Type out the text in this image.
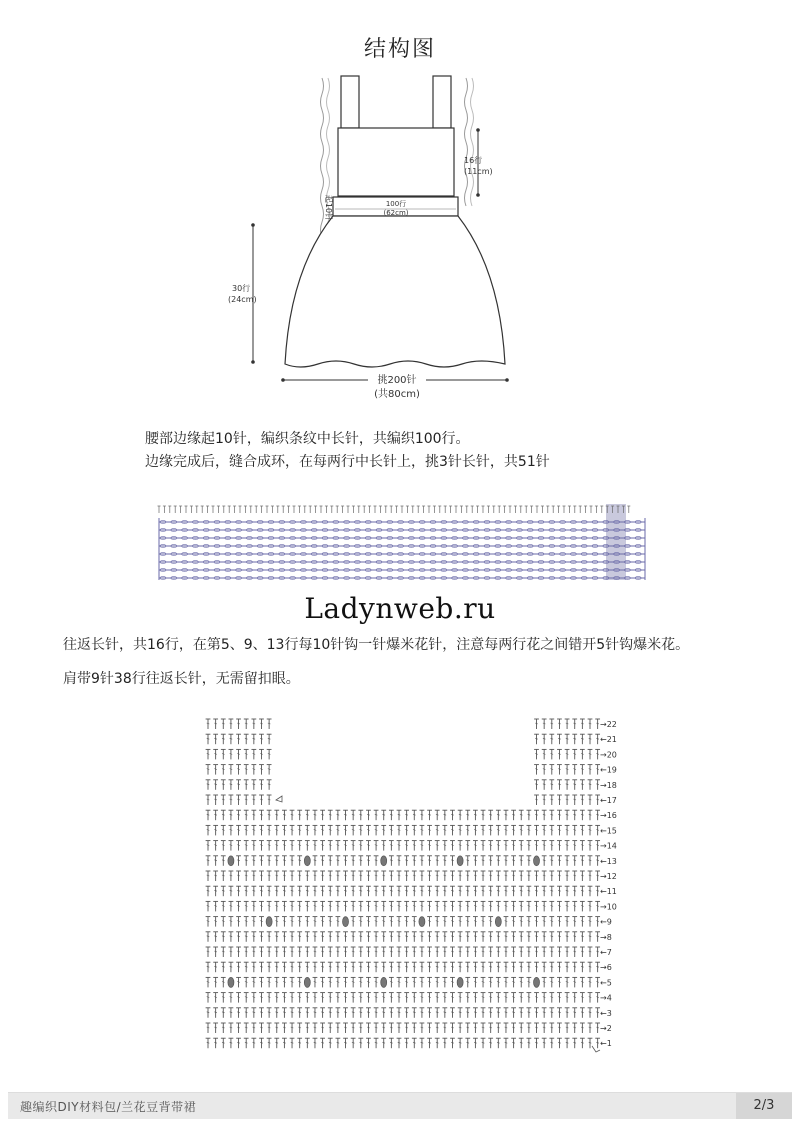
结构图
16行
(11cm)
起10针	100行
(62cm)
30行
(24cm)
挑200针
(共80cm)
腰部边缘起10针，编织条纹中长针，共编织100行。
边缘完成后，缝合成环，在每两行中长针上，挑3针长针，共51针
Ladynweb.ru
往返长针，共16行，在第5、9、13行每10针钩一针爆米花针，注意每两行花之间错开5针钩爆米花。
肩带9针38行往返长针，无需留扣眼。
→22
←21
→20
←19
→18
←17
→16
←15
→14
←13
→12
←11
→10
←9
→8
←7
→6
←5
→4
←3
→2
←1
趣编织DIY材料包/兰花豆背带裙	2/3
